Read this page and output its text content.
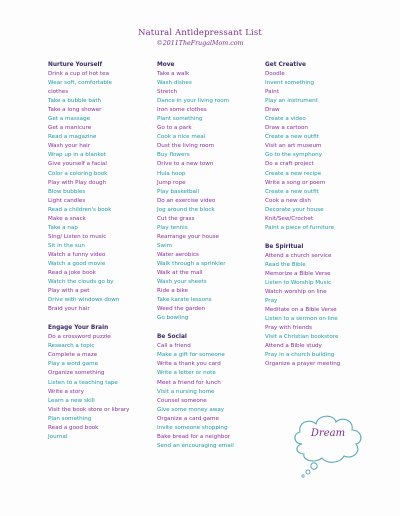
Natural Antidepressant List
©2011TheFrugalMom.com
Nurture Yourself
Drink a cup of hot tea
Wear soft, comfortable
clothes
Take a bubble bath
Take a long shower
Get a massage
Get a manicure
Read a magazine
Wash your hair
Wrap up in a blanket
Give yourself a facial
Color a coloring book
Play with Play dough
Blow bubbles
Light candles
Read a children's book
Make a snack
Take a nap
Sing/ Listen to music
Sit in the sun
Watch a funny video
Watch a good movie
Read a joke book
Watch the clouds go by
Play with a pet
Drive with windows down
Braid your hair
Engage Your Brain
Do a crossword puzzle
Research a topic
Complete a maze
Play a word game
Organize something
Listen to a teaching tape
Write a story
Learn a new skill
Visit the book store or library
Plan something
Read a good book
Journal
Move
Take a walk
Wash dishes
Stretch
Dance in your living room
Iron some clothes
Plant something
Go to a park
Cook a nice meal
Dust the living room
Buy flowers
Drive to a new town
Hula hoop
Jump rope
Play basketball
Do an exercise video
Jog around the block
Cut the grass
Play tennis
Rearrange your house
Swim
Water aerobics
Walk through a sprinkler
Walk at the mall
Wash your sheets
Ride a bike
Take karate lessons
Weed the garden
Go bowling
Be Social
Call a friend
Make a gift for someone
Write a thank you card
Write a letter or note
Meet a friend for lunch
Visit a nursing home
Counsel someone
Give some money away
Organize a card game
Invite someone shopping
Bake bread for a neighbor
Send an encouraging email
Get Creative
Doodle
Invent something
Paint
Play an instrument
Draw
Create a video
Draw a cartoon
Create a new outfit
Visit an art museum
Go to the symphony
Do a craft project
Create a new recipe
Write a song or poem
Create a new outfit
Cook a new dish
Decorate your house
Knit/Sew/Crochet
Paint a piece of furniture
Be Spiritual
Attend a church service
Read the Bible
Memorize a Bible Verse
Listen to Worship Music
Watch worship on line
Pray
Meditate on a Bible Verse
Listen to a sermon on line
Pray with friends
Visit a Christian bookstore
Attend a Bible study
Pray in a church building
Organize a prayer meeting
Dream
